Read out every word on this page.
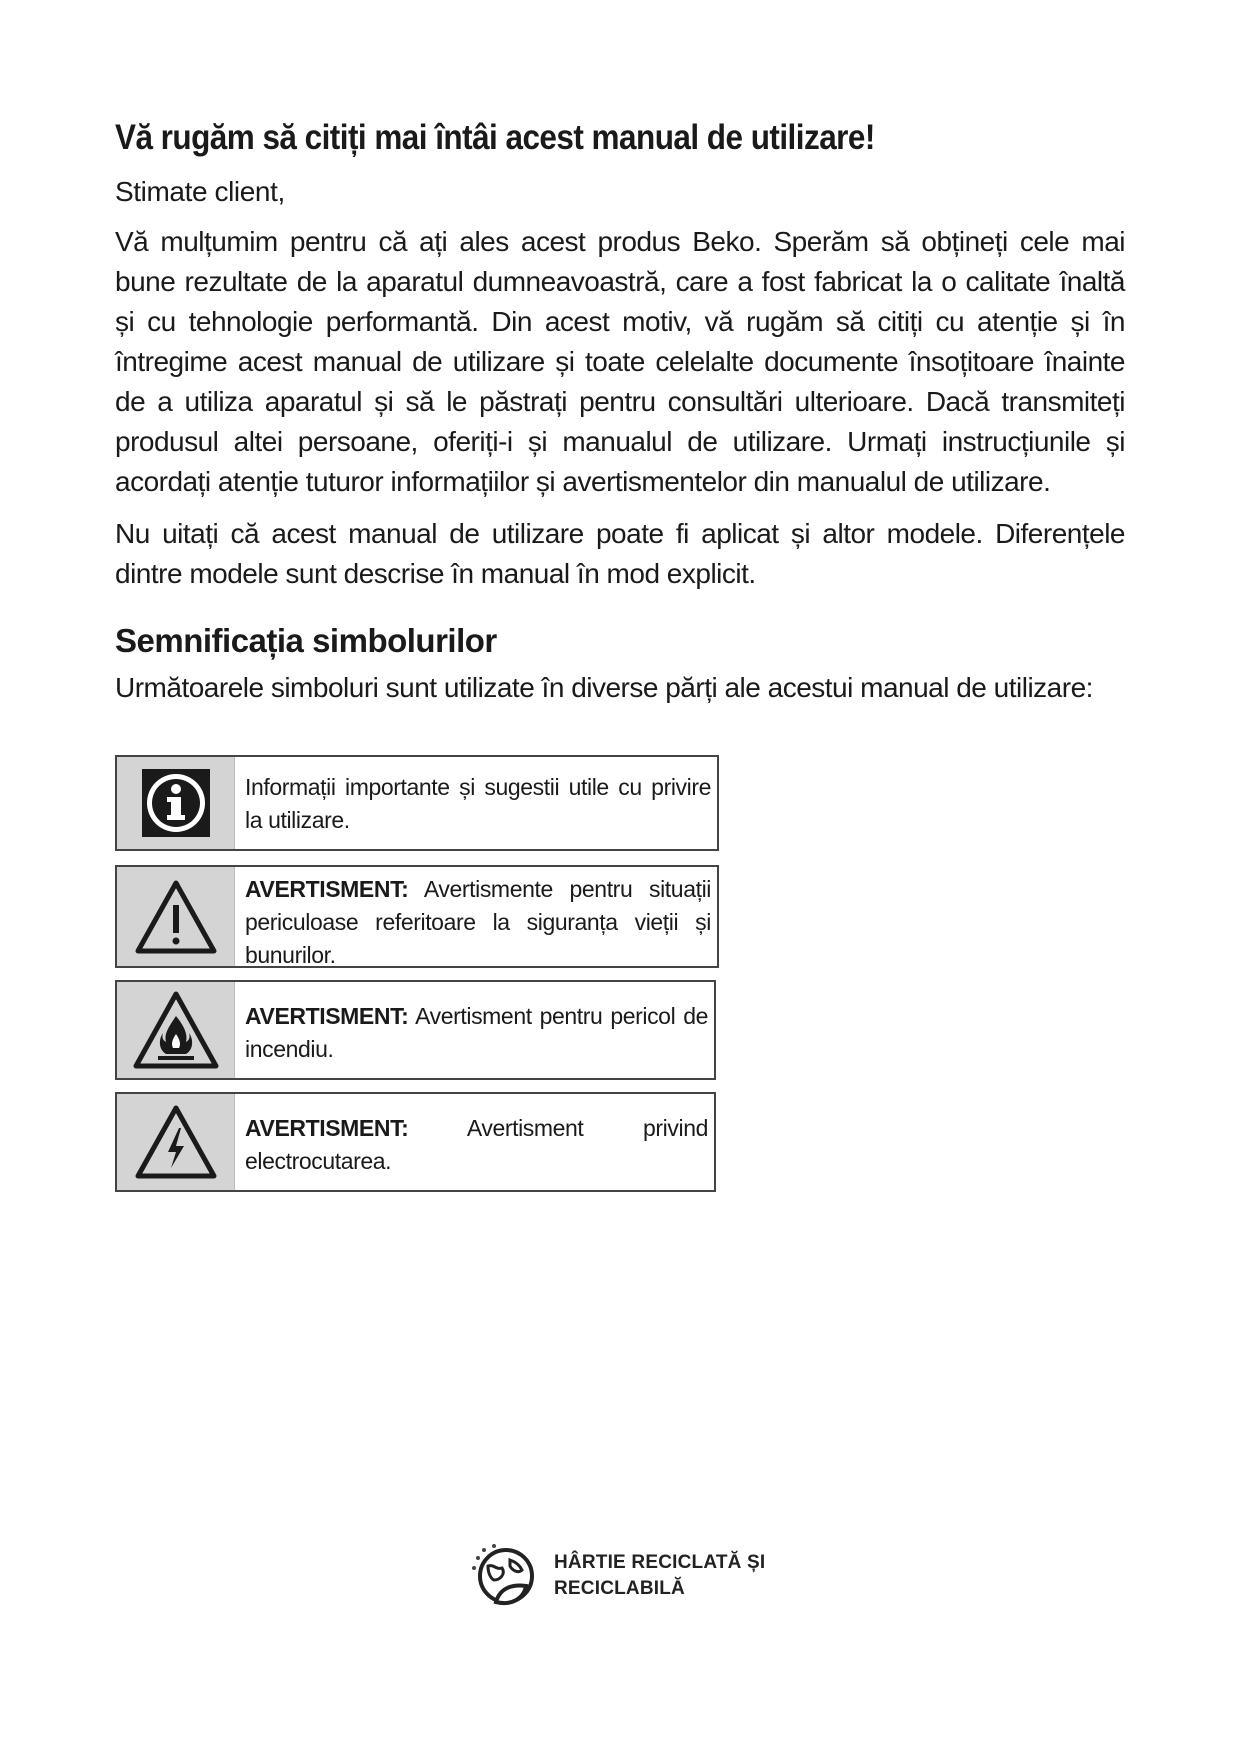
Vă rugăm să citiți mai întâi acest manual de utilizare!
Stimate client,

Vă mulțumim pentru că ați ales acest produs Beko. Sperăm să obțineți cele mai bune rezultate de la aparatul dumneavoastră, care a fost fabricat la o calitate înaltă și cu tehnologie performantă. Din acest motiv, vă rugăm să citiți cu atenție și în întregime acest manual de utilizare și toate celelalte documente însoțitoare înainte de a utiliza aparatul și să le păstrați pentru consultări ulterioare. Dacă transmiteți produsul altei persoane, oferiți-i și manualul de utilizare. Urmați instrucțiunile și acordați atenție tuturor informațiilor și avertismentelor din manualul de utilizare.

Nu uitați că acest manual de utilizare poate fi aplicat și altor modele. Diferențele dintre modele sunt descrise în manual în mod explicit.

Semnificația simbolurilor
Următoarele simboluri sunt utilizate în diverse părți ale acestui manual de utilizare:
Informații importante și sugestii utile cu privire la utilizare.
AVERTISMENT: Avertismente pentru situații periculoase referitoare la siguranța vieții și bunurilor.
AVERTISMENT: Avertisment pentru pericol de incendiu.
AVERTISMENT:	Avertisment privind electrocutarea.
HÂRTIE RECICLATĂ ȘI
RECICLABILĂ
